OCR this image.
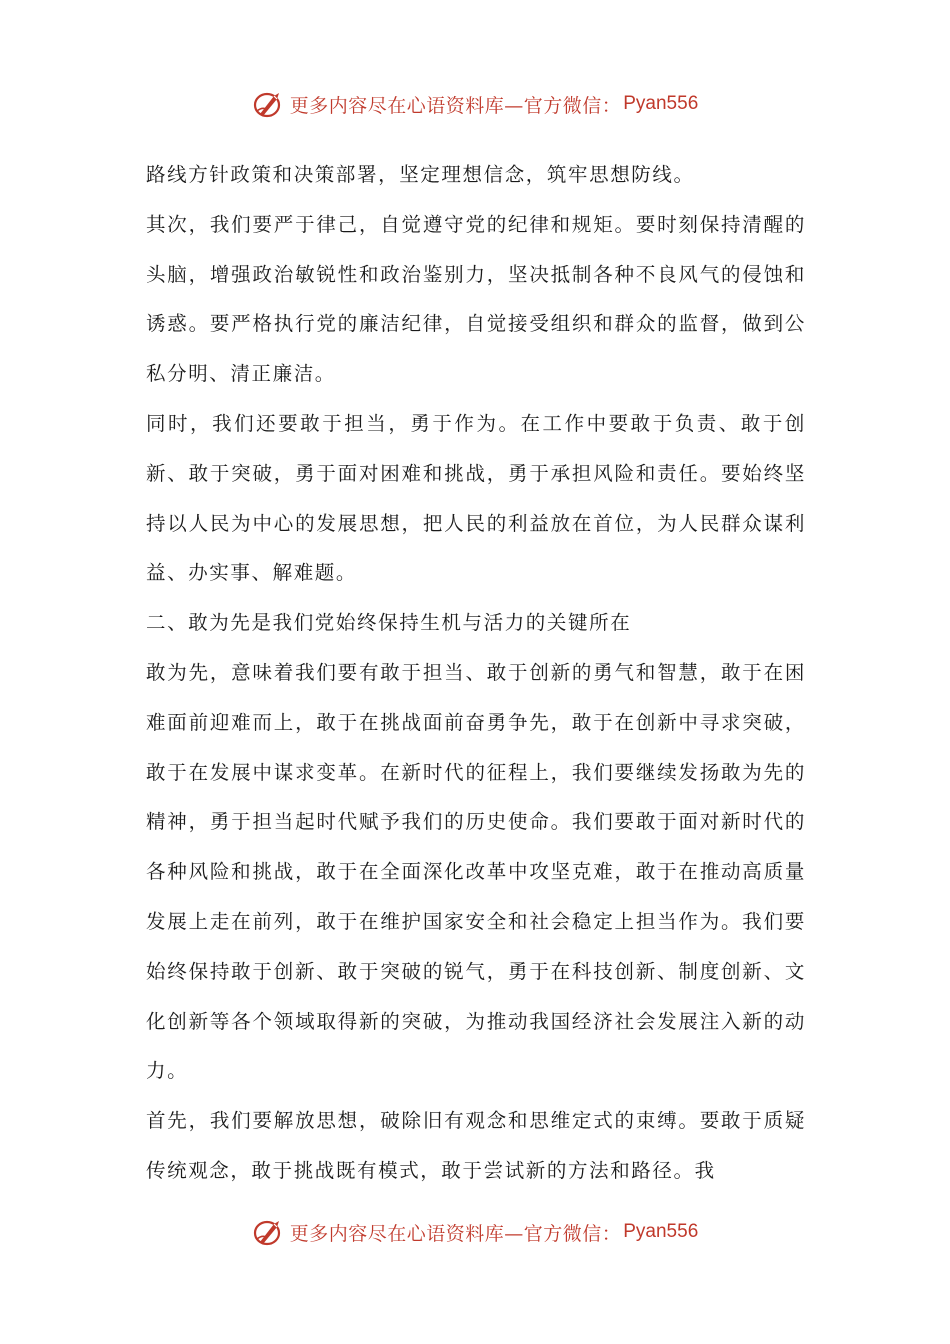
更多内容尽在心语资料库—官方微信： Pyan556

路线方针政策和决策部署，坚定理想信念，筑牢思想防线。

其次，我们要严于律己，自觉遵守党的纪律和规矩。要时刻保持清醒的头脑，增强政治敏锐性和政治鉴别力，坚决抵制各种不良风气的侵蚀和诱惑。要严格执行党的廉洁纪律，自觉接受组织和群众的监督，做到公私分明、清正廉洁。

同时，我们还要敢于担当，勇于作为。在工作中要敢于负责、敢于创新、敢于突破，勇于面对困难和挑战，勇于承担风险和责任。要始终坚持以人民为中心的发展思想，把人民的利益放在首位，为人民群众谋利益、办实事、解难题。

二、敢为先是我们党始终保持生机与活力的关键所在

敢为先，意味着我们要有敢于担当、敢于创新的勇气和智慧，敢于在困难面前迎难而上，敢于在挑战面前奋勇争先，敢于在创新中寻求突破，敢于在发展中谋求变革。在新时代的征程上，我们要继续发扬敢为先的精神，勇于担当起时代赋予我们的历史使命。我们要敢于面对新时代的各种风险和挑战，敢于在全面深化改革中攻坚克难，敢于在推动高质量发展上走在前列，敢于在维护国家安全和社会稳定上担当作为。我们要始终保持敢于创新、敢于突破的锐气，勇于在科技创新、制度创新、文化创新等各个领域取得新的突破，为推动我国经济社会发展注入新的动力。

首先，我们要解放思想，破除旧有观念和思维定式的束缚。要敢于质疑传统观念，敢于挑战既有模式，敢于尝试新的方法和路径。我

更多内容尽在心语资料库—官方微信： Pyan556
